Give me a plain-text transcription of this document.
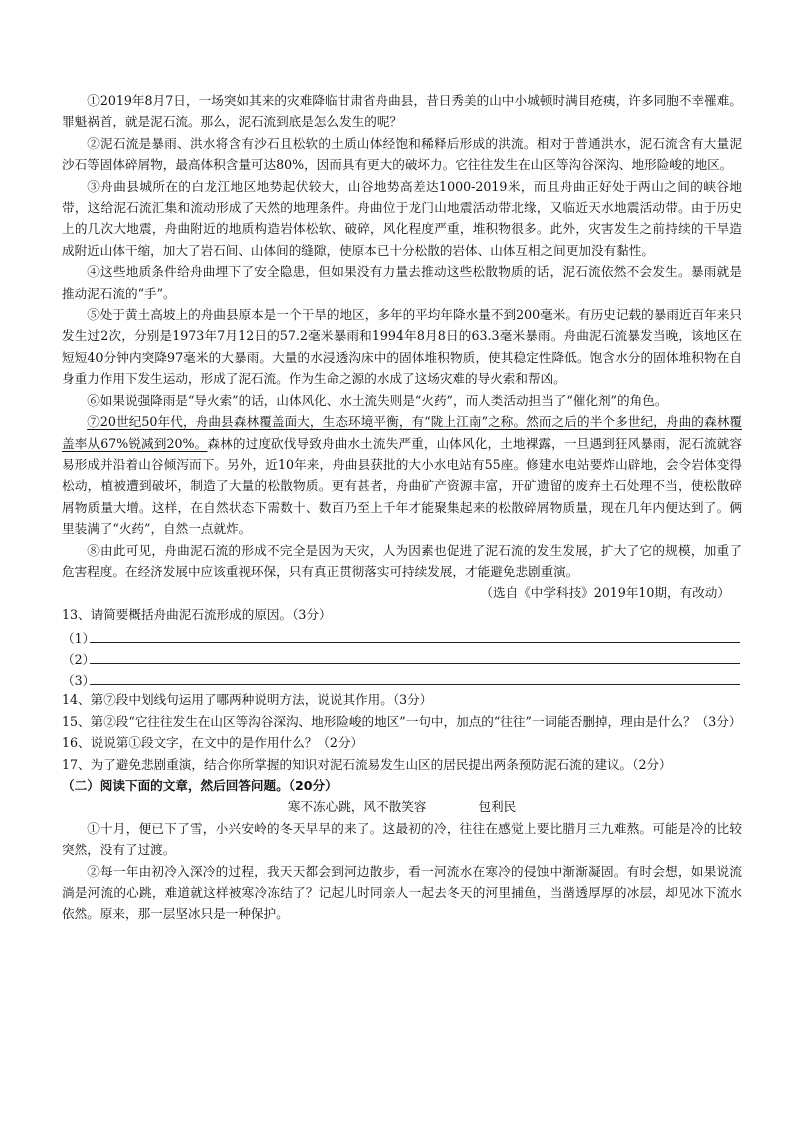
①2019年8月7日，一场突如其来的灾难降临甘肃省舟曲县，昔日秀美的山中小城顿时满目疮痍，许多同胞不幸罹难。罪魁祸首，就是泥石流。那么，泥石流到底是怎么发生的呢？

②泥石流是暴雨、洪水将含有沙石且松软的土质山体经饱和稀释后形成的洪流。相对于普通洪水，泥石流含有大量泥沙石等固体碎屑物，最高体积含量可达80%，因而具有更大的破坏力。它往往发生在山区等沟谷深沟、地形险峻的地区。

③舟曲县城所在的白龙江地区地势起伏较大，山谷地势高差达1000-2019米，而且舟曲正好处于两山之间的峡谷地带，这给泥石流汇集和流动形成了天然的地理条件。舟曲位于龙门山地震活动带北缘，又临近天水地震活动带。由于历史上的几次大地震，舟曲附近的地质构造岩体松软、破碎，风化程度严重，堆积物很多。此外，灾害发生之前持续的干旱造成附近山体干缩，加大了岩石间、山体间的缝隙，使原本已十分松散的岩体、山体互相之间更加没有黏性。

④这些地质条件给舟曲埋下了安全隐患，但如果没有力量去推动这些松散物质的话，泥石流依然不会发生。暴雨就是推动泥石流的“手”。

⑤处于黄土高坡上的舟曲县原本是一个干旱的地区，多年的平均年降水量不到200毫米。有历史记载的暴雨近百年来只发生过2次，分别是1973年7月12日的57.2毫米暴雨和1994年8月8日的63.3毫米暴雨。舟曲泥石流暴发当晚，该地区在短短40分钟内突降97毫米的大暴雨。大量的水浸透沟床中的固体堆积物质，使其稳定性降低。饱含水分的固体堆积物在自身重力作用下发生运动，形成了泥石流。作为生命之源的水成了这场灾难的导火索和帮凶。

⑥如果说强降雨是“导火索”的话，山体风化、水土流失则是“火药”，而人类活动担当了“催化剂”的角色。

⑦20世纪50年代，舟曲县森林覆盖面大，生态环境平衡，有“陇上江南”之称。然而之后的半个多世纪，舟曲的森林覆盖率从67%锐减到20%。森林的过度砍伐导致舟曲水土流失严重，山体风化，土地裸露，一旦遇到狂风暴雨，泥石流就容易形成并沿着山谷倾泻而下。另外，近10年来，舟曲县获批的大小水电站有55座。修建水电站要炸山辟地，会令岩体变得松动，植被遭到破坏，制造了大量的松散物质。更有甚者，舟曲矿产资源丰富，开矿遗留的废弃土石处理不当，使松散碎屑物质量大增。这样，在自然状态下需数十、数百乃至上千年才能聚集起来的松散碎屑物质量，现在几年内便达到了。俩里装满了“火药”，自然一点就炸。

⑧由此可见，舟曲泥石流的形成不完全是因为天灾，人为因素也促进了泥石流的发生发展，扩大了它的规模，加重了危害程度。在经济发展中应该重视环保，只有真正贯彻落实可持续发展，才能避免悲剧重演。

（选自《中学科技》2019年10期，有改动）

13、请简要概括舟曲泥石流形成的原因。（3分）

（1）
（2）
（3）

14、第⑦段中划线句运用了哪两种说明方法，说说其作用。（3分）

15、第②段“它往往发生在山区等沟谷深沟、地形险峻的地区”一句中，加点的“往往”一词能否删掉，理由是什么？（3分）

16、说说第①段文字，在文中的是作用什么？（2分）

17、为了避免悲剧重演，结合你所掌握的知识对泥石流易发生山区的居民提出两条预防泥石流的建议。（2分）

（二）阅读下面的文章，然后回答问题。（20分）

寒不冻心跳，风不散笑容	包利民

①十月，便已下了雪，小兴安岭的冬天早早的来了。这最初的冷，往往在感觉上要比腊月三九难熬。可能是冷的比较突然，没有了过渡。

②每一年由初冷入深冷的过程，我天天都会到河边散步，看一河流水在寒冷的侵蚀中渐渐凝固。有时会想，如果说流淌是河流的心跳，难道就这样被寒冷冻结了？记起儿时同亲人一起去冬天的河里捕鱼，当凿透厚厚的冰层，却见冰下流水依然。原来，那一层坚冰只是一种保护。
